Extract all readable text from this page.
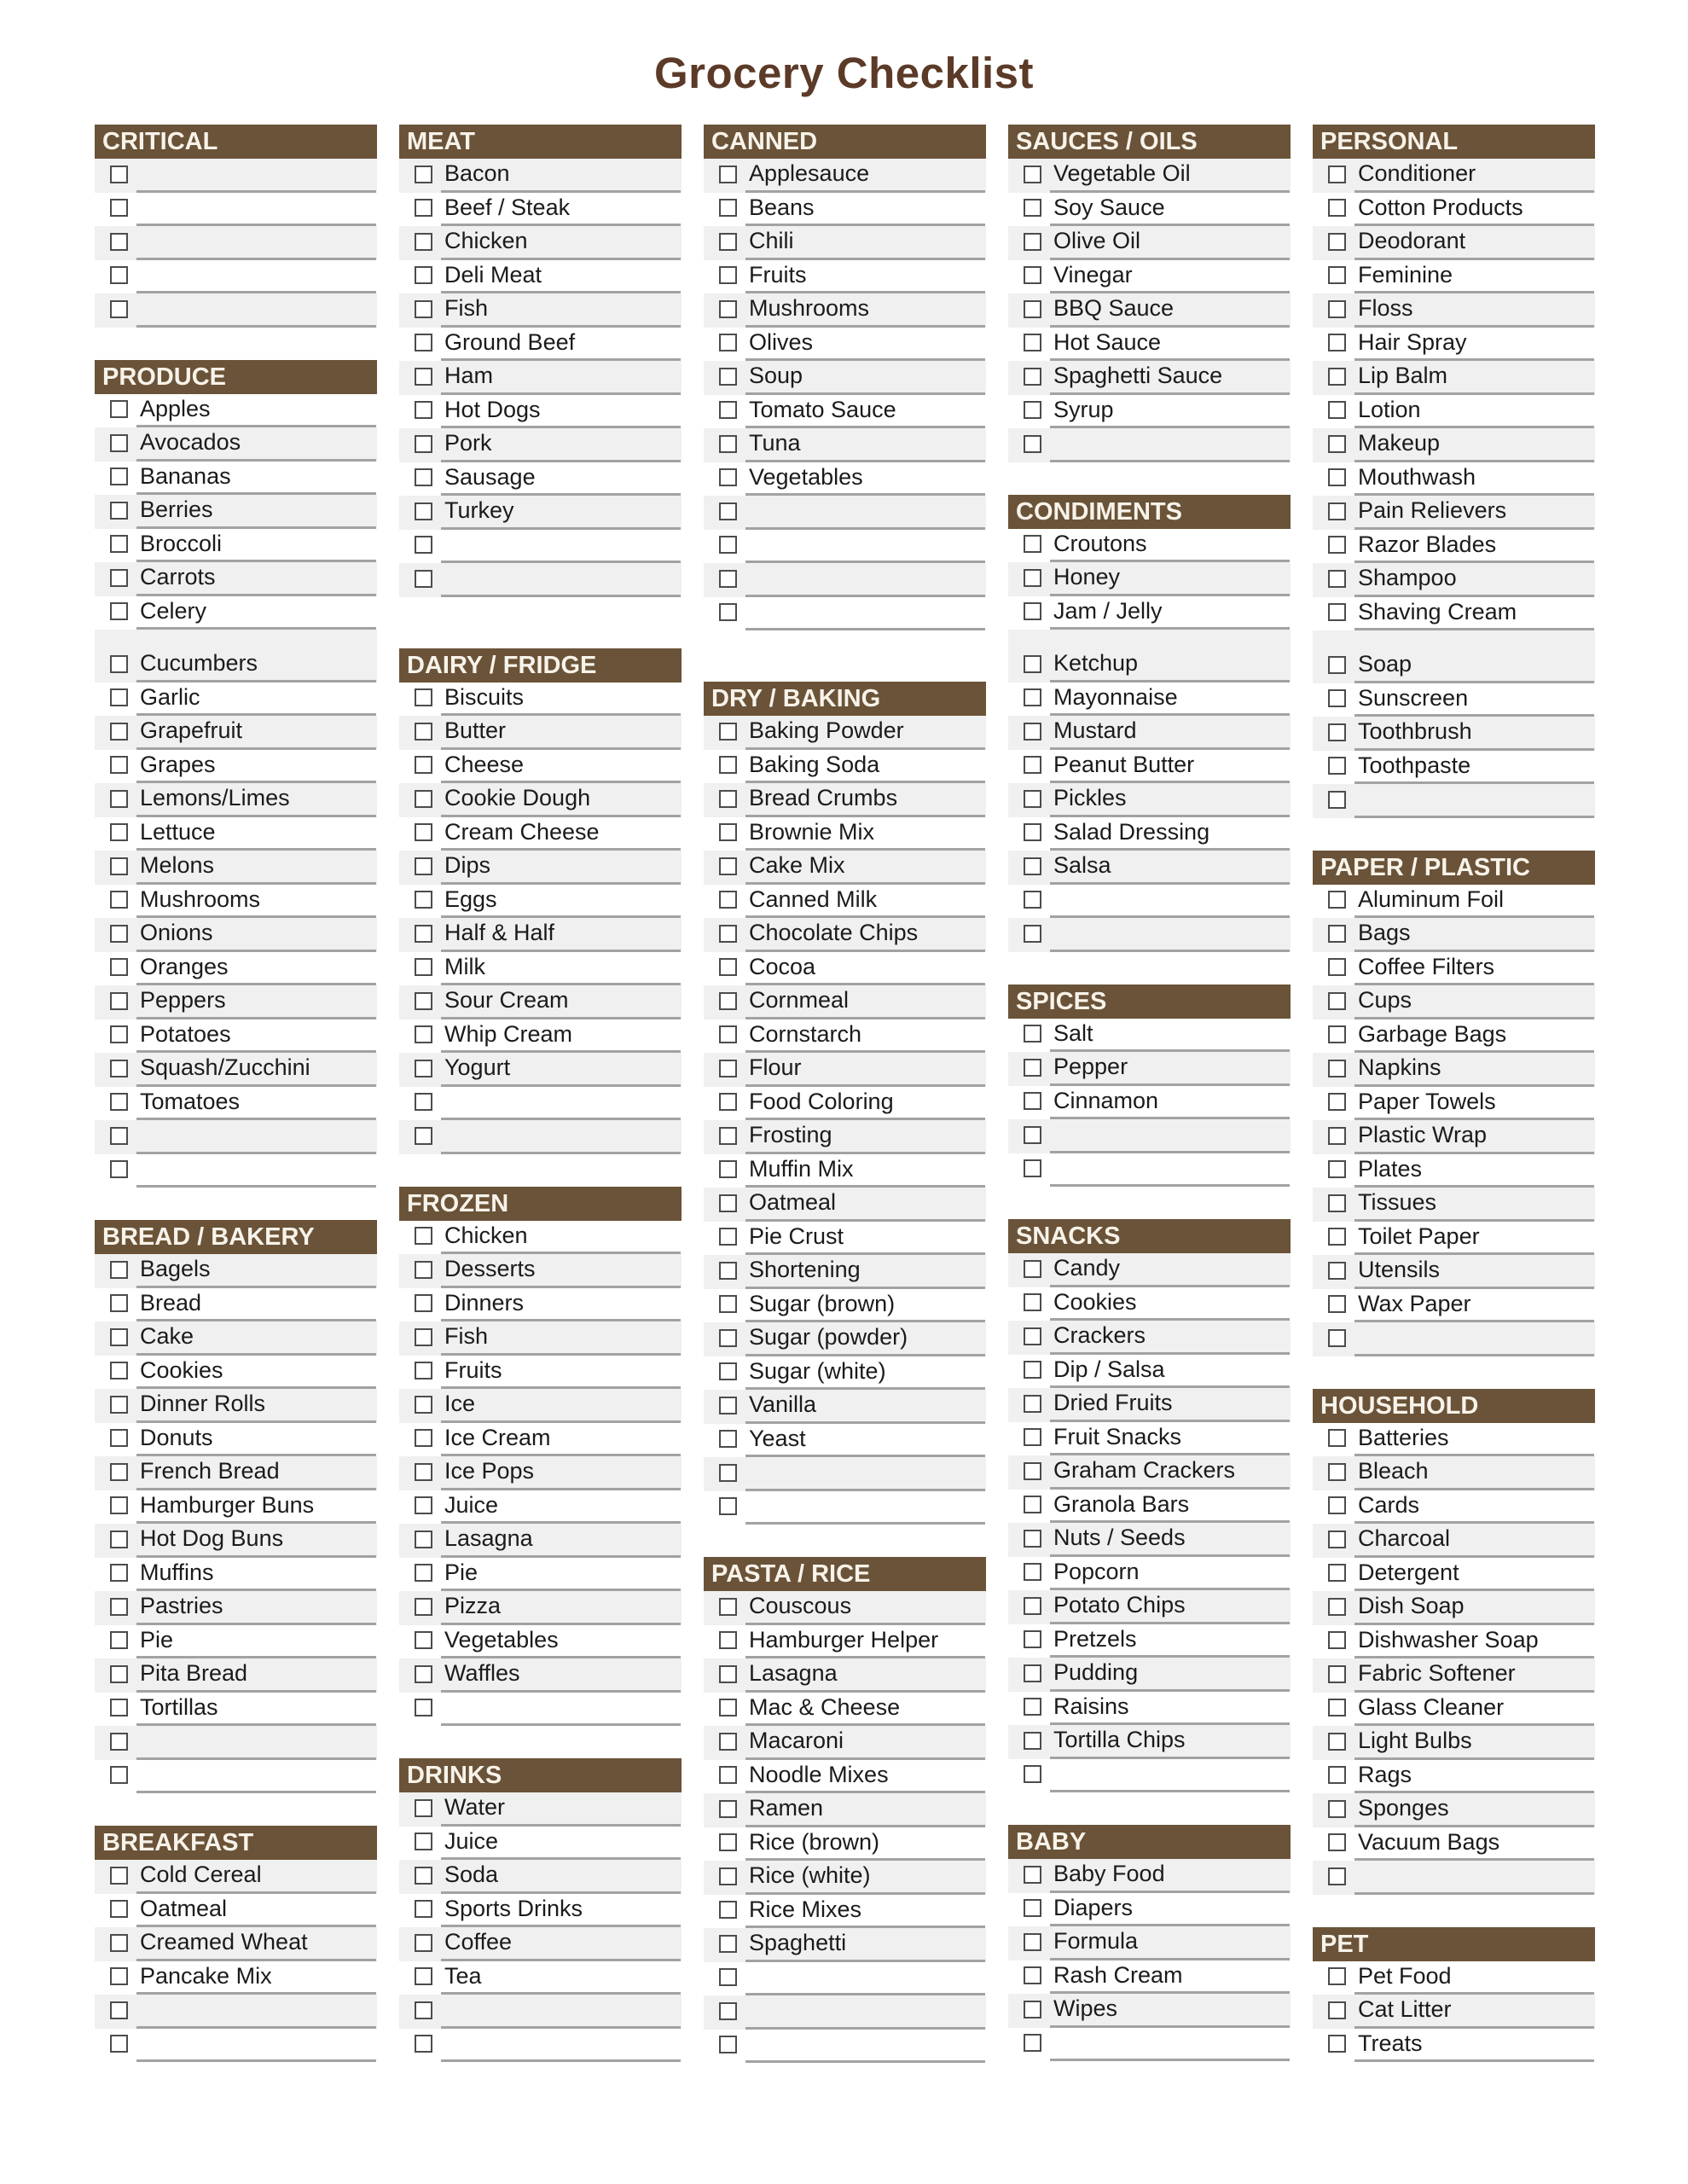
Grocery Checklist
CRITICAL
PRODUCE
Apples
Avocados
Bananas
Berries
Broccoli
Carrots
Celery
Cucumbers
Garlic
Grapefruit
Grapes
Lemons/Limes
Lettuce
Melons
Mushrooms
Onions
Oranges
Peppers
Potatoes
Squash/Zucchini
Tomatoes
BREAD / BAKERY
Bagels
Bread
Cake
Cookies
Dinner Rolls
Donuts
French Bread
Hamburger Buns
Hot Dog Buns
Muffins
Pastries
Pie
Pita Bread
Tortillas
BREAKFAST
Cold Cereal
Oatmeal
Creamed Wheat
Pancake Mix
MEAT
Bacon
Beef / Steak
Chicken
Deli Meat
Fish
Ground Beef
Ham
Hot Dogs
Pork
Sausage
Turkey
DAIRY / FRIDGE
Biscuits
Butter
Cheese
Cookie Dough
Cream Cheese
Dips
Eggs
Half & Half
Milk
Sour Cream
Whip Cream
Yogurt
FROZEN
Chicken
Desserts
Dinners
Fish
Fruits
Ice
Ice Cream
Ice Pops
Juice
Lasagna
Pie
Pizza
Vegetables
Waffles
DRINKS
Water
Juice
Soda
Sports Drinks
Coffee
Tea
CANNED
Applesauce
Beans
Chili
Fruits
Mushrooms
Olives
Soup
Tomato Sauce
Tuna
Vegetables
DRY / BAKING
Baking Powder
Baking Soda
Bread Crumbs
Brownie Mix
Cake Mix
Canned Milk
Chocolate Chips
Cocoa
Cornmeal
Cornstarch
Flour
Food Coloring
Frosting
Muffin Mix
Oatmeal
Pie Crust
Shortening
Sugar (brown)
Sugar (powder)
Sugar (white)
Vanilla
Yeast
PASTA / RICE
Couscous
Hamburger Helper
Lasagna
Mac & Cheese
Macaroni
Noodle Mixes
Ramen
Rice (brown)
Rice (white)
Rice Mixes
Spaghetti
SAUCES / OILS
Vegetable Oil
Soy Sauce
Olive Oil
Vinegar
BBQ Sauce
Hot Sauce
Spaghetti Sauce
Syrup
CONDIMENTS
Croutons
Honey
Jam / Jelly
Ketchup
Mayonnaise
Mustard
Peanut Butter
Pickles
Salad Dressing
Salsa
SPICES
Salt
Pepper
Cinnamon
SNACKS
Candy
Cookies
Crackers
Dip / Salsa
Dried Fruits
Fruit Snacks
Graham Crackers
Granola Bars
Nuts / Seeds
Popcorn
Potato Chips
Pretzels
Pudding
Raisins
Tortilla Chips
BABY
Baby Food
Diapers
Formula
Rash Cream
Wipes
PERSONAL
Conditioner
Cotton Products
Deodorant
Feminine
Floss
Hair Spray
Lip Balm
Lotion
Makeup
Mouthwash
Pain Relievers
Razor Blades
Shampoo
Shaving Cream
Soap
Sunscreen
Toothbrush
Toothpaste
PAPER / PLASTIC
Aluminum Foil
Bags
Coffee Filters
Cups
Garbage Bags
Napkins
Paper Towels
Plastic Wrap
Plates
Tissues
Toilet Paper
Utensils
Wax Paper
HOUSEHOLD
Batteries
Bleach
Cards
Charcoal
Detergent
Dish Soap
Dishwasher Soap
Fabric Softener
Glass Cleaner
Light Bulbs
Rags
Sponges
Vacuum Bags
PET
Pet Food
Cat Litter
Treats
